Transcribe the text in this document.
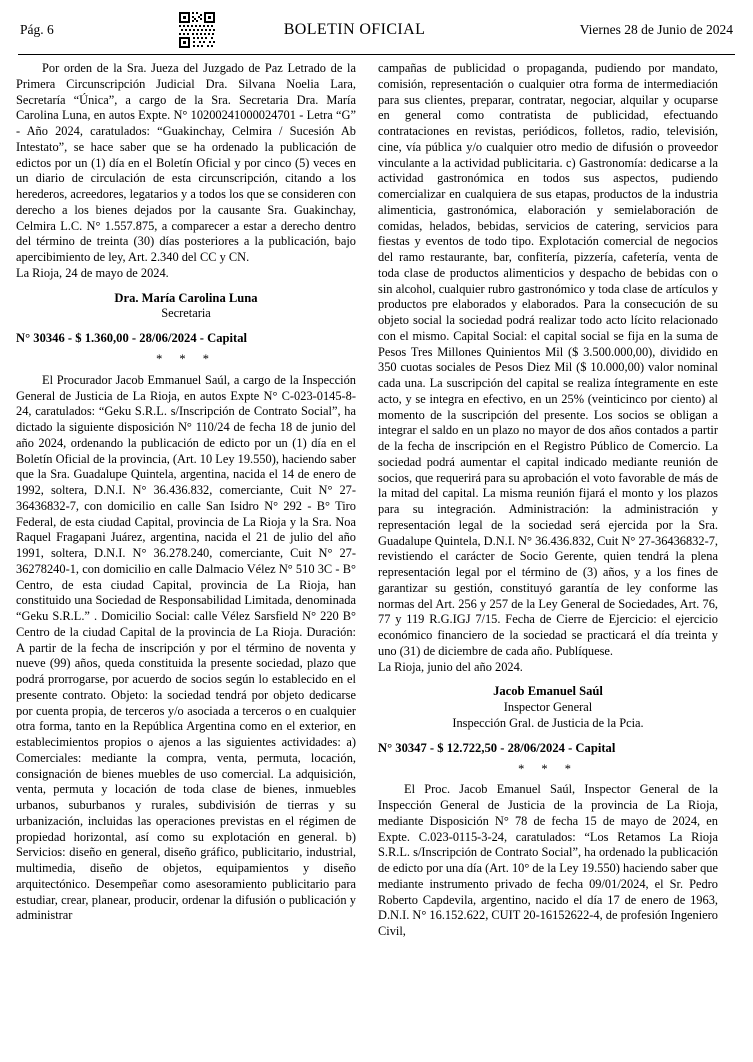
Pág. 6	BOLETIN OFICIAL	Viernes 28 de Junio de 2024

Por orden de la Sra. Jueza del Juzgado de Paz Letrado de la Primera Circunscripción Judicial Dra. Silvana Noelia Lara, Secretaría “Única”, a cargo de la Sra. Secretaria Dra. María Carolina Luna, en autos Expte. N° 10200241000024701 - Letra “G” - Año 2024, caratulados: “Guakinchay, Celmira / Sucesión Ab Intestato”, se hace saber que se ha ordenado la publicación de edictos por un (1) día en el Boletín Oficial y por cinco (5) veces en un diario de circulación de esta circunscripción, citando a los herederos, acreedores, legatarios y a todos los que se consideren con derecho a los bienes dejados por la causante Sra. Guakinchay, Celmira L.C. N° 1.557.875, a comparecer a estar a derecho dentro del término de treinta (30) días posteriores a la publicación, bajo apercibimiento de ley, Art. 2.340 del CC y CN.

La Rioja, 24 de mayo de 2024.

Dra. María Carolina Luna

Secretaria

N° 30346 - $ 1.360,00 - 28/06/2024 - Capital

* * *

El Procurador Jacob Emmanuel Saúl, a cargo de la Inspección General de Justicia de La Rioja, en autos Expte N° C-023-0145-8-24, caratulados: “Geku S.R.L. s/Inscripción de Contrato Social”, ha dictado la siguiente disposición N° 110/24 de fecha 18 de junio del año 2024, ordenando la publicación de edicto por un (1) día en el Boletín Oficial de la provincia, (Art. 10 Ley 19.550), haciendo saber que la Sra. Guadalupe Quintela, argentina, nacida el 14 de enero de 1992, soltera, D.N.I. N° 36.436.832, comerciante, Cuit N° 27-36436832-7, con domicilio en calle San Isidro N° 292 - B° Tiro Federal, de esta ciudad Capital, provincia de La Rioja y la Sra. Noa Raquel Fragapani Juárez, argentina, nacida el 21 de julio del año 1991, soltera, D.N.I. N° 36.278.240, comerciante, Cuit N° 27-36278240-1, con domicilio en calle Dalmacio Vélez N° 510 3C - B° Centro, de esta ciudad Capital, provincia de La Rioja, han constituido una Sociedad de Responsabilidad Limitada, denominada “Geku S.R.L.” . Domicilio Social: calle Vélez Sarsfield N° 220 B° Centro de la ciudad Capital de la provincia de La Rioja. Duración: A partir de la fecha de inscripción y por el término de noventa y nueve (99) años, queda constituida la presente sociedad, plazo que podrá prorrogarse, por acuerdo de socios según lo establecido en el presente contrato. Objeto: la sociedad tendrá por objeto dedicarse por cuenta propia, de terceros y/o asociada a terceros o en cualquier otra forma, tanto en la República Argentina como en el exterior, en establecimientos propios o ajenos a las siguientes actividades: a) Comerciales: mediante la compra, venta, permuta, locación, consignación de bienes muebles de uso comercial. La adquisición, venta, permuta y locación de toda clase de bienes, inmuebles urbanos, suburbanos y rurales, subdivisión de tierras y su urbanización, incluidas las operaciones previstas en el régimen de propiedad horizontal, así como su explotación en general. b) Servicios: diseño en general, diseño gráfico, publicitario, industrial, multimedia, diseño de objetos, equipamientos y diseño arquitectónico. Desempeñar como asesoramiento publicitario para estudiar, crear, planear, producir, ordenar la difusión o publicación y administrar

campañas de publicidad o propaganda, pudiendo por mandato, comisión, representación o cualquier otra forma de intermediación para sus clientes, preparar, contratar, negociar, alquilar y ocuparse en general como contratista de publicidad, efectuando contrataciones en revistas, periódicos, folletos, radio, televisión, cine, vía pública y/o cualquier otro medio de difusión o proveedor vinculante a la actividad publicitaria. c) Gastronomía: dedicarse a la actividad gastronómica en todos sus aspectos, pudiendo comercializar en cualquiera de sus etapas, productos de la industria alimenticia, gastronómica, elaboración y semielaboración de comidas, helados, bebidas, servicios de catering, servicios para fiestas y eventos de todo tipo. Explotación comercial de negocios del ramo restaurante, bar, confitería, pizzería, cafetería, venta de toda clase de productos alimenticios y despacho de bebidas con o sin alcohol, cualquier rubro gastronómico y toda clase de artículos y productos pre elaborados y elaborados. Para la consecución de su objeto social la sociedad podrá realizar todo acto lícito relacionado con el mismo. Capital Social: el capital social se fija en la suma de Pesos Tres Millones Quinientos Mil ($ 3.500.000,00), dividido en 350 cuotas sociales de Pesos Diez Mil ($ 10.000,00) valor nominal cada una. La suscripción del capital se realiza íntegramente en este acto, y se integra en efectivo, en un 25% (veinticinco por ciento) al momento de la suscripción del presente. Los socios se obligan a integrar el saldo en un plazo no mayor de dos años contados a partir de la fecha de inscripción en el Registro Público de Comercio. La sociedad podrá aumentar el capital indicado mediante reunión de socios, que requerirá para su aprobación el voto favorable de más de la mitad del capital. La misma reunión fijará el monto y los plazos para su integración. Administración: la administración y representación legal de la sociedad será ejercida por la Sra. Guadalupe Quintela, D.N.I. N° 36.436.832, Cuit N° 27-36436832-7, revistiendo el carácter de Socio Gerente, quien tendrá la plena representación legal por el término de (3) años, y a los fines de garantizar su gestión, constituyó garantía de ley conforme las normas del Art. 256 y 257 de la Ley General de Sociedades, Art. 76, 77 y 119 R.G.IGJ 7/15. Fecha de Cierre de Ejercicio: el ejercicio económico financiero de la sociedad se practicará el día treinta y uno (31) de diciembre de cada año. Publíquese.

La Rioja, junio del año 2024.

Jacob Emanuel Saúl

Inspector General

Inspección Gral. de Justicia de la Pcia.

N° 30347 - $ 12.722,50 - 28/06/2024 - Capital

* * *

El Proc. Jacob Emanuel Saúl, Inspector General de la Inspección General de Justicia de la provincia de La Rioja, mediante Disposición N° 78 de fecha 15 de mayo de 2024, en Expte. C.023-0115-3-24, caratulados: “Los Retamos La Rioja S.R.L. s/Inscripción de Contrato Social”, ha ordenado la publicación de edicto por una día (Art. 10° de la Ley 19.550) haciendo saber que mediante instrumento privado de fecha 09/01/2024, el Sr. Pedro Roberto Capdevila, argentino, nacido el día 17 de enero de 1963, D.N.I. N° 16.152.622, CUIT 20-16152622-4, de profesión Ingeniero Civil,
